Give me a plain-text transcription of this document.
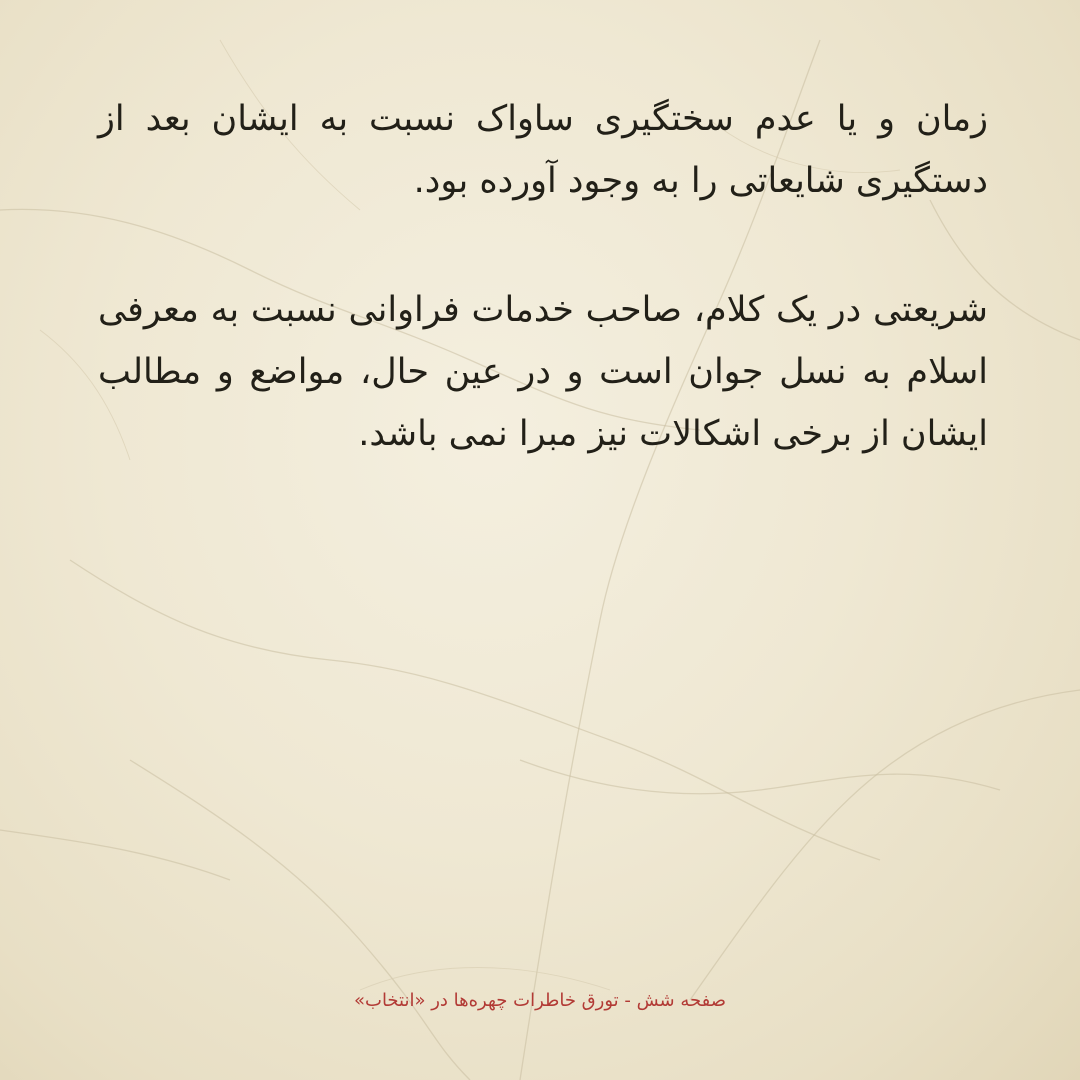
زمان و یا عدم سختگیری ساواک نسبت به ایشان بعد از دستگیری شایعاتی را به وجود آورده بود.
شریعتی در یک کلام، صاحب خدمات فراوانی نسبت به معرفی اسلام به نسل جوان است و در عین حال، مواضع و مطالب ایشان از برخی اشکالات نیز مبرا نمی باشد.
صفحه شش - تورق خاطرات چهره‌ها در «انتخاب»
